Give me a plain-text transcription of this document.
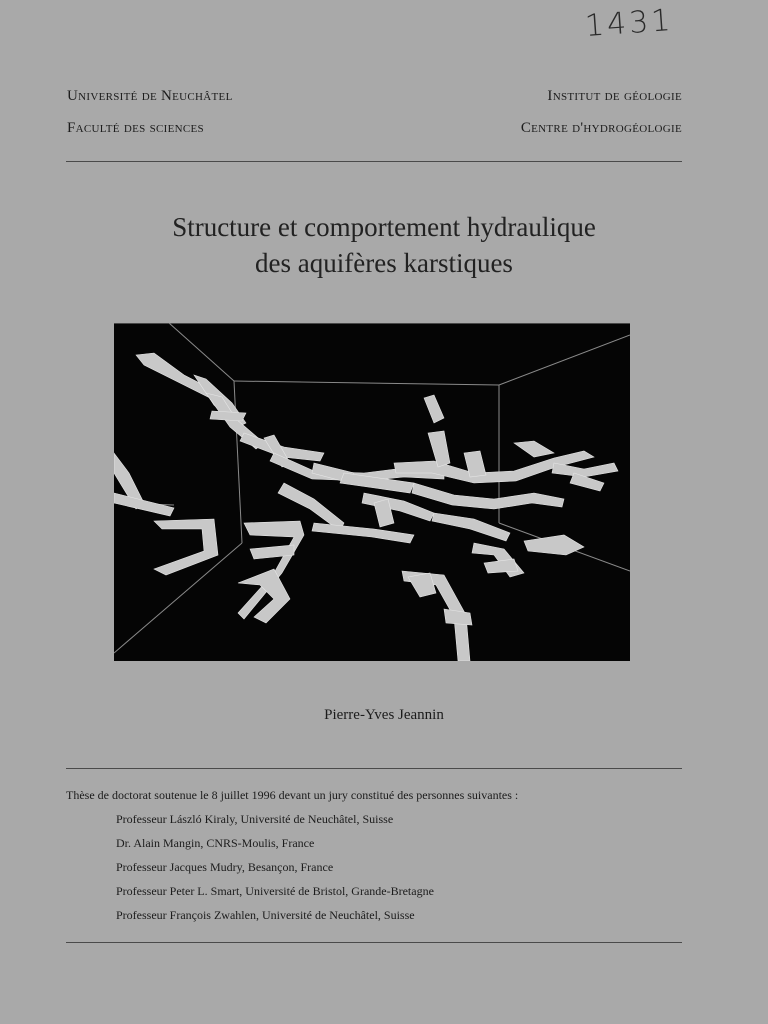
1431
Université de Neuchâtel
Faculté des sciences
Institut de géologie
Centre d'hydrogéologie
Structure et comportement hydraulique
des aquifères karstiques
Pierre-Yves Jeannin
Thèse de doctorat soutenue le 8 juillet 1996 devant un jury constitué des personnes suivantes :
Professeur László Kiraly, Université de Neuchâtel, Suisse
Dr. Alain Mangin, CNRS-Moulis, France
Professeur Jacques Mudry, Besançon, France
Professeur Peter L. Smart, Université de Bristol, Grande-Bretagne
Professeur François Zwahlen, Université de Neuchâtel, Suisse
